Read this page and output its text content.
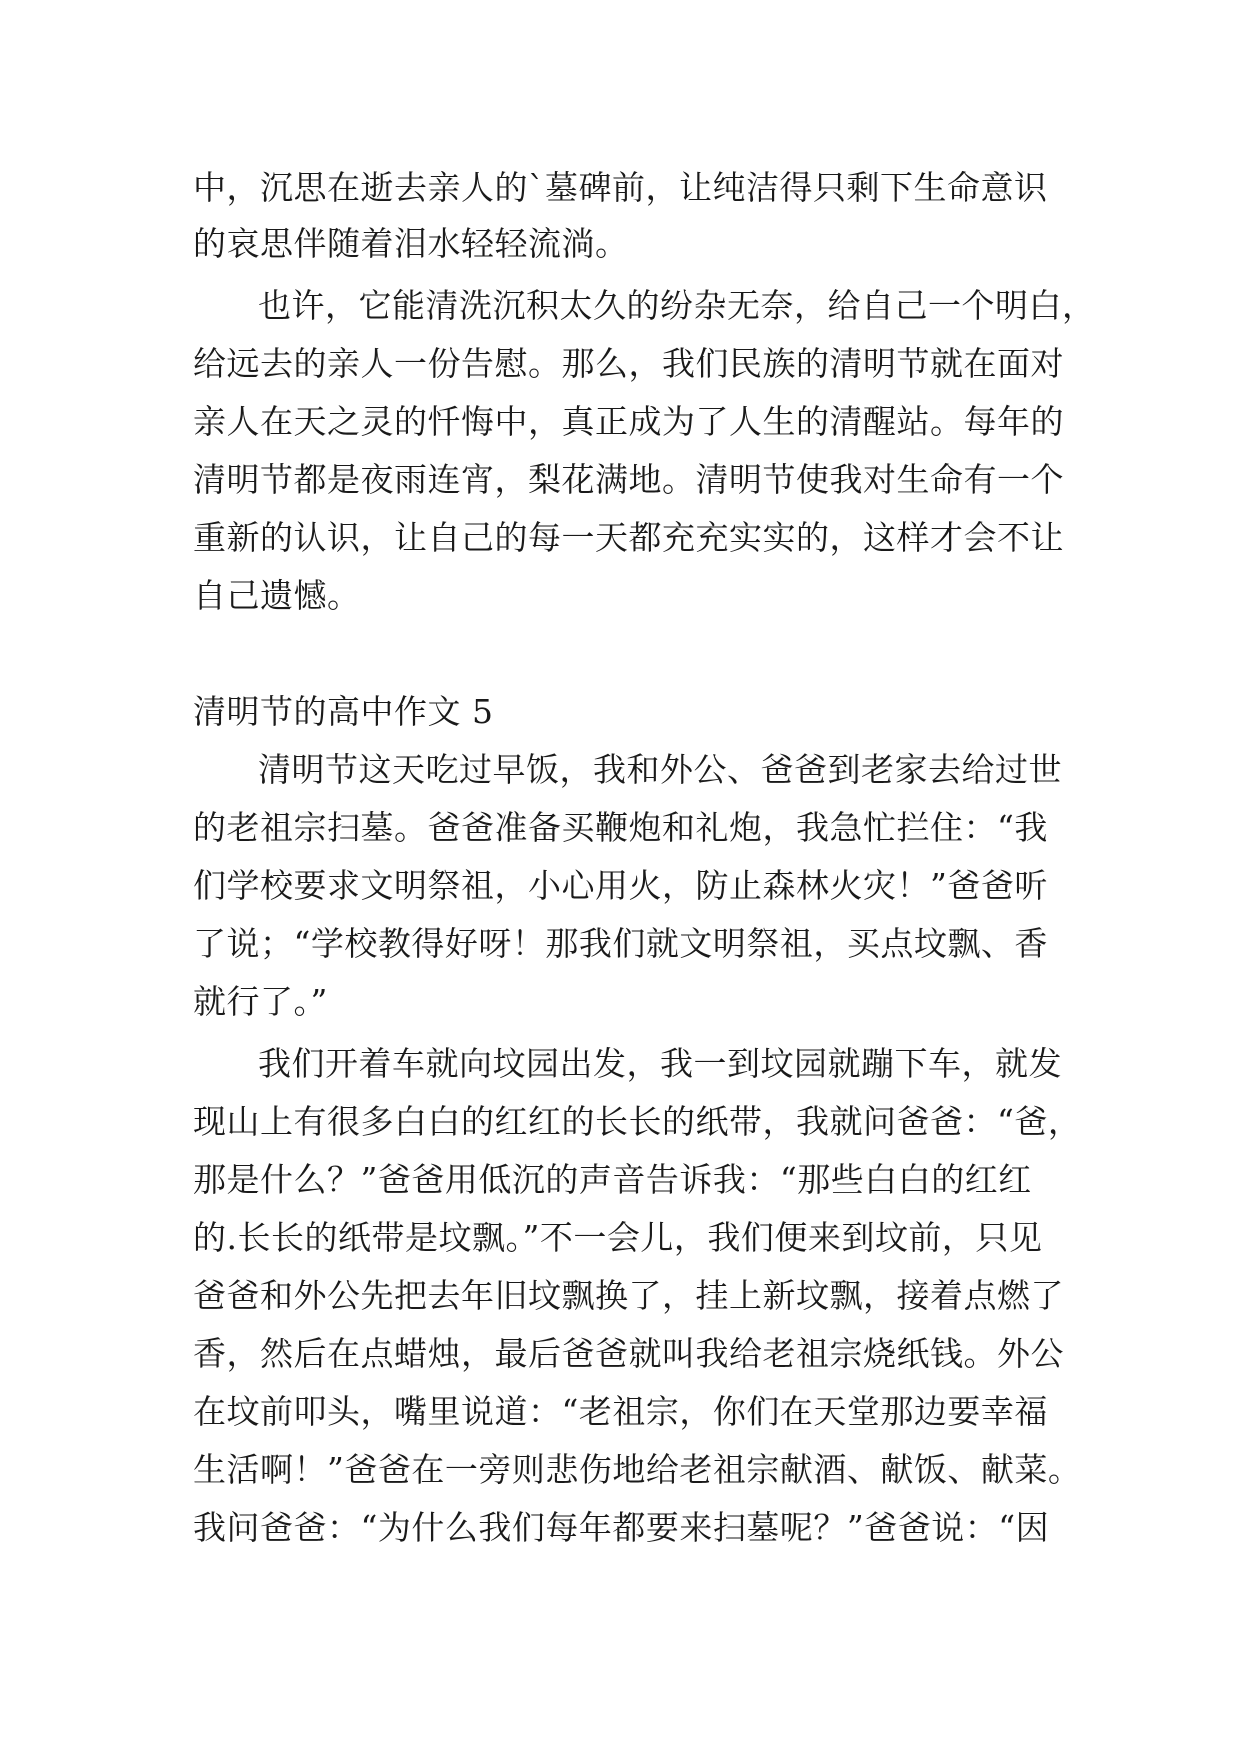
中，沉思在逝去亲人的`墓碑前，让纯洁得只剩下生命意识
的哀思伴随着泪水轻轻流淌。
也许，它能清洗沉积太久的纷杂无奈，给自己一个明白，
给远去的亲人一份告慰。那么，我们民族的清明节就在面对
亲人在天之灵的忏悔中，真正成为了人生的清醒站。每年的
清明节都是夜雨连宵，梨花满地。清明节使我对生命有一个
重新的认识，让自己的每一天都充充实实的，这样才会不让
自己遗憾。
清明节的高中作文 5
清明节这天吃过早饭，我和外公、爸爸到老家去给过世
的老祖宗扫墓。爸爸准备买鞭炮和礼炮，我急忙拦住：“我
们学校要求文明祭祖，小心用火，防止森林火灾！”爸爸听
了说；“学校教得好呀！那我们就文明祭祖，买点坟飘、香
就行了。”
我们开着车就向坟园出发，我一到坟园就蹦下车，就发
现山上有很多白白的红红的长长的纸带，我就问爸爸：“爸，
那是什么？”爸爸用低沉的声音告诉我：“那些白白的红红
的.长长的纸带是坟飘。”不一会儿，我们便来到坟前，只见
爸爸和外公先把去年旧坟飘换了，挂上新坟飘，接着点燃了
香，然后在点蜡烛，最后爸爸就叫我给老祖宗烧纸钱。外公
在坟前叩头，嘴里说道：“老祖宗，你们在天堂那边要幸福
生活啊！”爸爸在一旁则悲伤地给老祖宗献酒、献饭、献菜。
我问爸爸：“为什么我们每年都要来扫墓呢？”爸爸说：“因
